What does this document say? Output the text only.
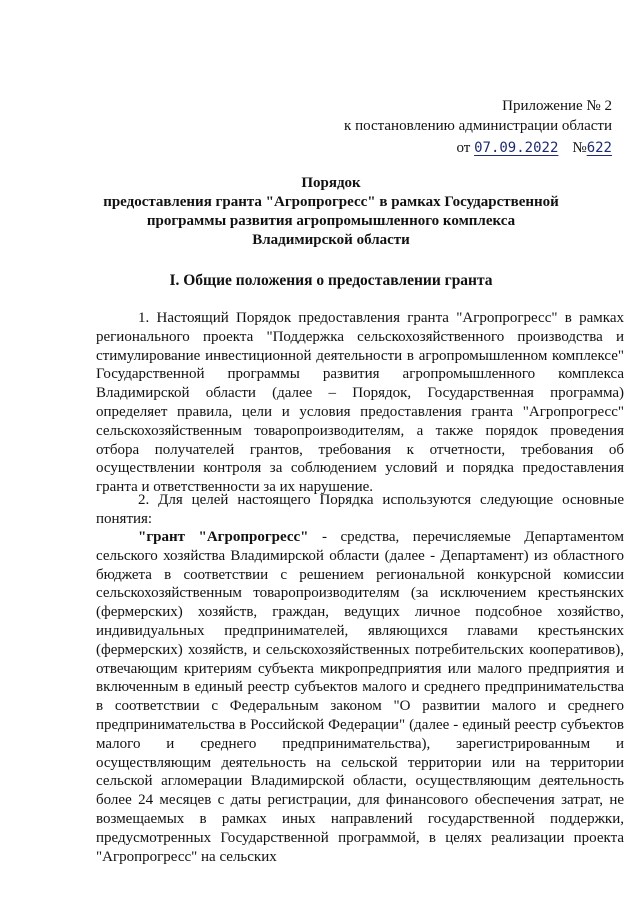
Приложение № 2
к постановлению администрации области
от 07.09.2022 №622
Порядок
предоставления гранта "Агропрогресс" в рамках Государственной программы развития агропромышленного комплекса Владимирской области
I. Общие положения о предоставлении гранта

1. Настоящий Порядок предоставления гранта "Агропрогресс" в рамках регионального проекта "Поддержка сельскохозяйственного производства и стимулирование инвестиционной деятельности в агропромышленном комплексе" Государственной программы развития агропромышленного комплекса Владимирской области (далее – Порядок, Государственная программа) определяет правила, цели и условия предоставления гранта "Агропрогресс" сельскохозяйственным товаропроизводителям, а также порядок проведения отбора получателей грантов, требования к отчетности, требования об осуществлении контроля за соблюдением условий и порядка предоставления гранта и ответственности за их нарушение.

2. Для целей настоящего Порядка используются следующие основные понятия:

"грант "Агропрогресс" - средства, перечисляемые Департаментом сельского хозяйства Владимирской области (далее - Департамент) из областного бюджета в соответствии с решением региональной конкурсной комиссии сельскохозяйственным товаропроизводителям (за исключением крестьянских (фермерских) хозяйств, граждан, ведущих личное подсобное хозяйство, индивидуальных предпринимателей, являющихся главами крестьянских (фермерских) хозяйств, и сельскохозяйственных потребительских кооперативов), отвечающим критериям субъекта микропредприятия или малого предприятия и включенным в единый реестр субъектов малого и среднего предпринимательства в соответствии с Федеральным законом "О развитии малого и среднего предпринимательства в Российской Федерации" (далее - единый реестр субъектов малого и среднего предпринимательства), зарегистрированным и осуществляющим деятельность на сельской территории или на территории сельской агломерации Владимирской области, осуществляющим деятельность более 24 месяцев с даты регистрации, для финансового обеспечения затрат, не возмещаемых в рамках иных направлений государственной поддержки, предусмотренных Государственной программой, в целях реализации проекта "Агропрогресс" на сельских
